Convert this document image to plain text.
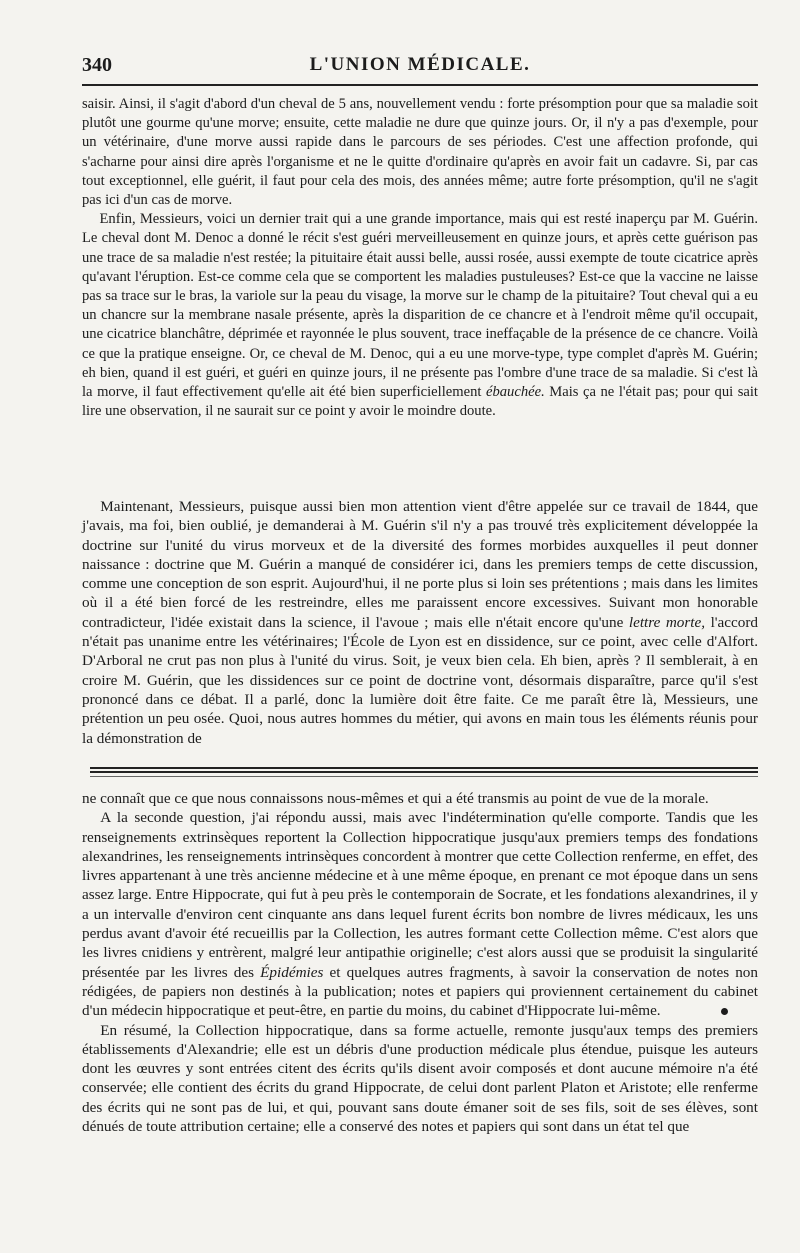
340	L'UNION MÉDICALE.

saisir. Ainsi, il s'agit d'abord d'un cheval de 5 ans, nouvellement vendu : forte présomption pour que sa maladie soit plutôt une gourme qu'une morve; ensuite, cette maladie ne dure que quinze jours. Or, il n'y a pas d'exemple, pour un vétérinaire, d'une morve aussi rapide dans le parcours de ses périodes. C'est une affection profonde, qui s'acharne pour ainsi dire après l'organisme et ne le quitte d'ordinaire qu'après en avoir fait un cadavre. Si, par cas tout exceptionnel, elle guérit, il faut pour cela des mois, des années même; autre forte présomption, qu'il ne s'agit pas ici d'un cas de morve.

Enfin, Messieurs, voici un dernier trait qui a une grande importance, mais qui est resté inaperçu par M. Guérin. Le cheval dont M. Denoc a donné le récit s'est guéri merveilleusement en quinze jours, et après cette guérison pas une trace de sa maladie n'est restée; la pituitaire était aussi belle, aussi rosée, aussi exempte de toute cicatrice après qu'avant l'éruption. Est-ce comme cela que se comportent les maladies pustuleuses? Est-ce que la vaccine ne laisse pas sa trace sur le bras, la variole sur la peau du visage, la morve sur le champ de la pituitaire? Tout cheval qui a eu un chancre sur la membrane nasale présente, après la disparition de ce chancre et à l'endroit même qu'il occupait, une cicatrice blanchâtre, déprimée et rayonnée le plus souvent, trace ineffaçable de la présence de ce chancre. Voilà ce que la pratique enseigne. Or, ce cheval de M. Denoc, qui a eu une morve-type, type complet d'après M. Guérin; eh bien, quand il est guéri, et guéri en quinze jours, il ne présente pas l'ombre d'une trace de sa maladie. Si c'est là la morve, il faut effectivement qu'elle ait été bien superficiellement ébauchée. Mais ça ne l'était pas; pour qui sait lire une observation, il ne saurait sur ce point y avoir le moindre doute.

Maintenant, Messieurs, puisque aussi bien mon attention vient d'être appelée sur ce travail de 1844, que j'avais, ma foi, bien oublié, je demanderai à M. Guérin s'il n'y a pas trouvé très explicitement développée la doctrine sur l'unité du virus morveux et de la diversité des formes morbides auxquelles il peut donner naissance : doctrine que M. Guérin a manqué de considérer ici, dans les premiers temps de cette discussion, comme une conception de son esprit. Aujourd'hui, il ne porte plus si loin ses prétentions ; mais dans les limites où il a été bien forcé de les restreindre, elles me paraissent encore excessives. Suivant mon honorable contradicteur, l'idée existait dans la science, il l'avoue ; mais elle n'était encore qu'une lettre morte, l'accord n'était pas unanime entre les vétérinaires; l'École de Lyon est en dissidence, sur ce point, avec celle d'Alfort. D'Arboral ne crut pas non plus à l'unité du virus. Soit, je veux bien cela. Eh bien, après ? Il semblerait, à en croire M. Guérin, que les dissidences sur ce point de doctrine vont, désormais disparaître, parce qu'il s'est prononcé dans ce débat. Il a parlé, donc la lumière doit être faite. Ce me paraît être là, Messieurs, une prétention un peu osée. Quoi, nous autres hommes du métier, qui avons en main tous les éléments réunis pour la démonstration de

ne connaît que ce que nous connaissons nous-mêmes et qui a été transmis au point de vue de la morale.

A la seconde question, j'ai répondu aussi, mais avec l'indétermination qu'elle comporte. Tandis que les renseignements extrinsèques reportent la Collection hippocratique jusqu'aux premiers temps des fondations alexandrines, les renseignements intrinsèques concordent à montrer que cette Collection renferme, en effet, des livres appartenant à une très ancienne médecine et à une même époque, en prenant ce mot époque dans un sens assez large. Entre Hippocrate, qui fut à peu près le contemporain de Socrate, et les fondations alexandrines, il y a un intervalle d'environ cent cinquante ans dans lequel furent écrits bon nombre de livres médicaux, les uns perdus avant d'avoir été recueillis par la Collection, les autres formant cette Collection même. C'est alors que les livres cnidiens y entrèrent, malgré leur antipathie originelle; c'est alors aussi que se produisit la singularité présentée par les livres des Épidémies et quelques autres fragments, à savoir la conservation de notes non rédigées, de papiers non destinés à la publication; notes et papiers qui proviennent certainement du cabinet d'un médecin hippocratique et peut-être, en partie du moins, du cabinet d'Hippocrate lui-même.

En résumé, la Collection hippocratique, dans sa forme actuelle, remonte jusqu'aux temps des premiers établissements d'Alexandrie; elle est un débris d'une production médicale plus étendue, puisque les auteurs dont les œuvres y sont entrées citent des écrits qu'ils disent avoir composés et dont aucune mémoire n'a été conservée; elle contient des écrits du grand Hippocrate, de celui dont parlent Platon et Aristote; elle renferme des écrits qui ne sont pas de lui, et qui, pouvant sans doute émaner soit de ses fils, soit de ses élèves, sont dénués de toute attribution certaine; elle a conservé des notes et papiers qui sont dans un état tel que
